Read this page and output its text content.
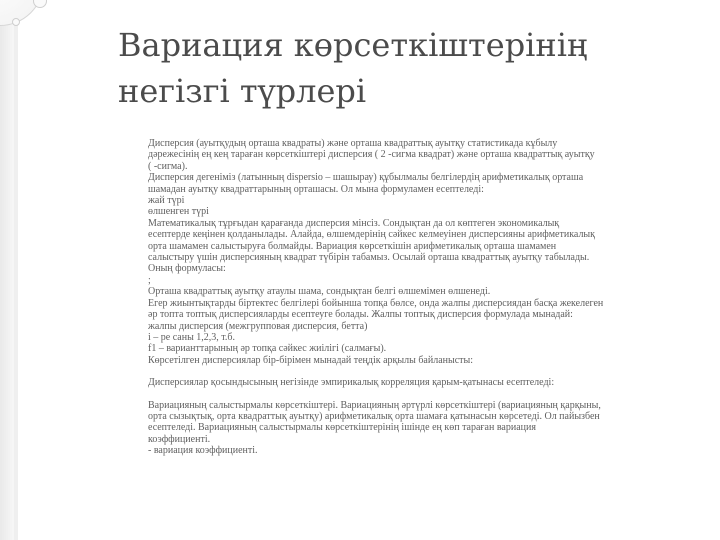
Вариация көрсеткіштерінің негізгі түрлері
Дисперсия (ауытқудың орташа квадраты) және орташа квадраттық ауытқу статистикада кұбылу
дәрежесінің ең кең тараған көрсеткіштері дисперсия ( 2 -сигма квадрат) және орташа квадраттық ауытқу
( -сигма).
Дисперсия дегеніміз (латынның dispersio – шашырау) құбылмалы белгілердің арифметикалық орташа
шамадан ауытқу квадраттарының орташасы. Ол мына формуламен есептеледі:
жай түрі
өлшенген түрі
Математикалық тұрғыдан қарағанда дисперсия мінсіз. Сондықтан да ол көптеген экономикалық
есептерде кеңінен қолданылады. Алайда, өлшемдерінің сәйкес келмеуінен дисперсияны арифметикалық
орта шамамен салыстыруға болмайды. Вариация көрсеткішін арифметикалық орташа шамамен
салыстыру үшін дисперсияның квадрат түбірін табамыз. Осылай орташа квадраттық ауытқу табылады.
Оның формуласы:
;
Орташа квадраттық ауытқу атаулы шама, сондықтан белгі өлшемімен өлшенеді.
Егер жиынтықтарды біртектес белгілері бойынша топқа бөлсе, онда жалпы дисперсиядан басқа жекелеген
әр топта топтық дисперсияларды есептеуге болады. Жалпы топтық дисперсия формулада мынадай:
жалпы дисперсия (межгрупповая дисперсия, бетта)
i – ре саны 1,2,3, т.б.
f1 – варианттарының әр топқа сәйкес жиілігі (салмағы).
Көрсетілген дисперсиялар бір-бірімен мынадай теңдік арқылы байланысты:
Дисперсиялар қосындысының негізінде эмпирикалық корреляция қарым-қатынасы есептеледі:
Вариацияның салыстырмалы көрсеткіштері. Вариацияның әртүрлі көрсеткіштері (вариацияның қарқыны,
орта сызықтық, орта квадраттық ауытқу) арифметикалық орта шамаға қатынасын көрсетеді. Ол пайызбен
есептеледі. Вариацияның салыстырмалы көрсеткіштерінің ішінде ең көп тараған вариация
коэффициенті.
- вариация коэффициенті.
